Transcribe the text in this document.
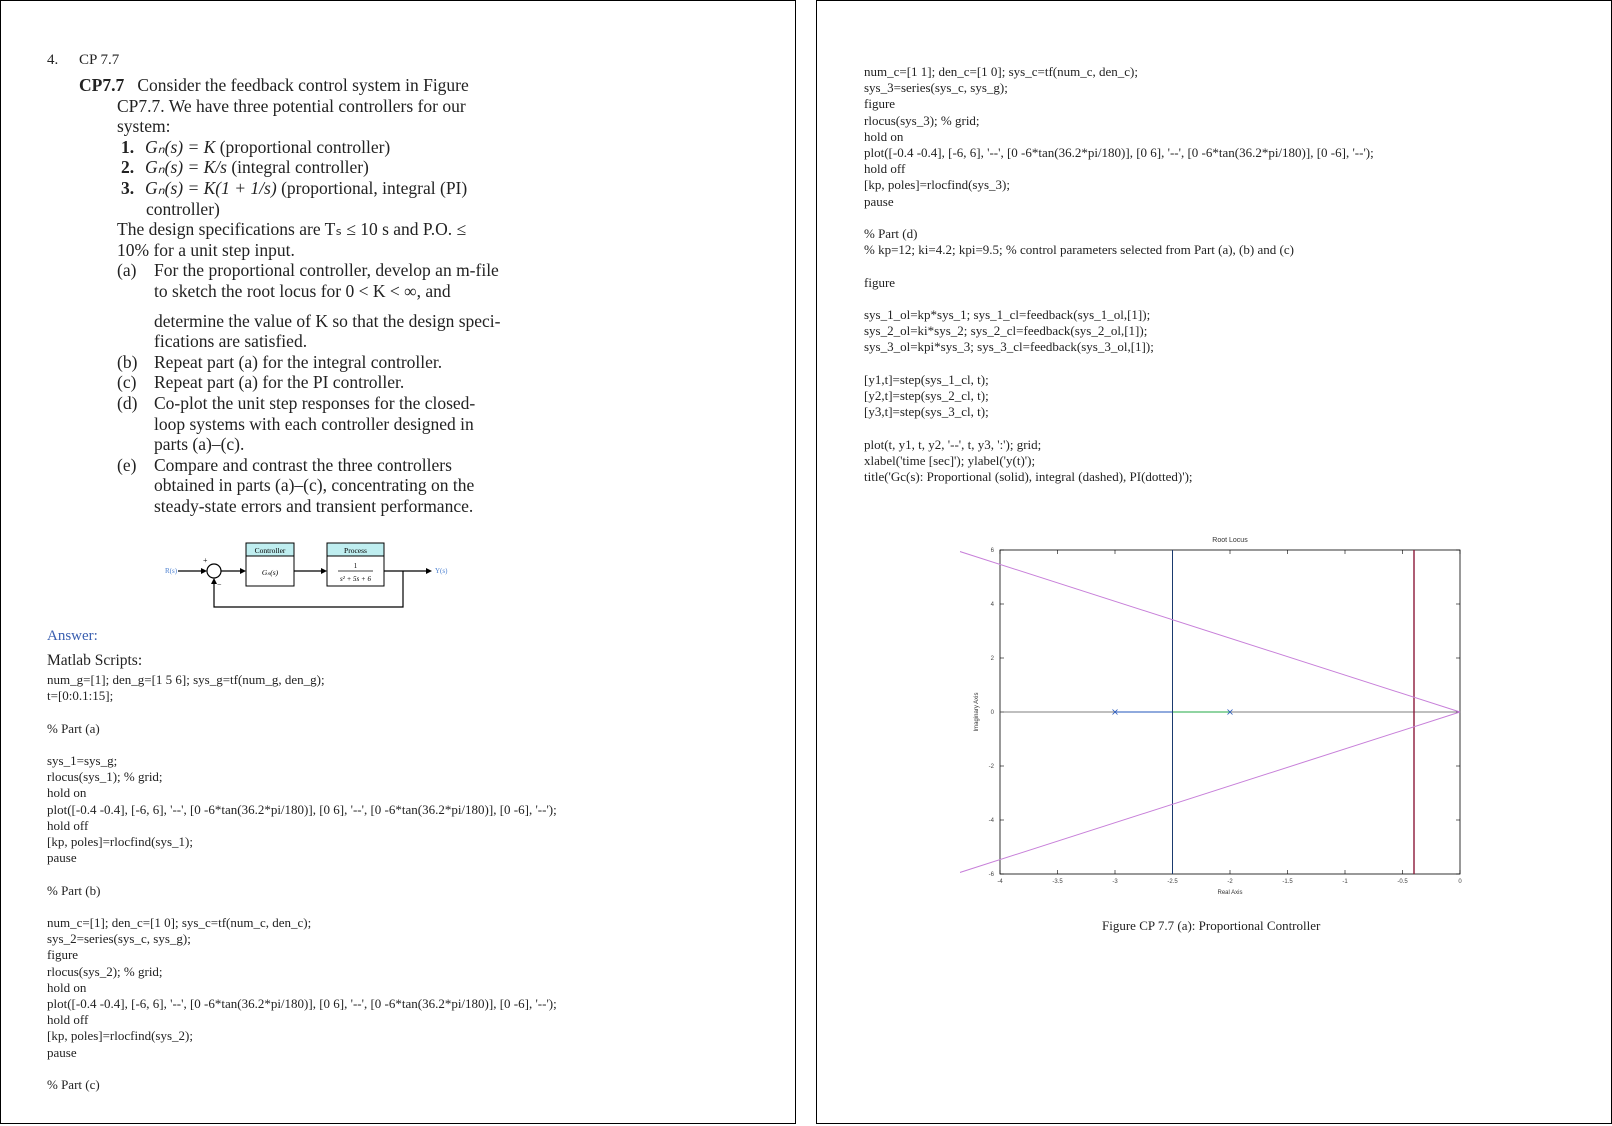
4. CP 7.7
CP7.7 Consider the feedback control system in Figure
CP7.7. We have three potential controllers for our
system:
1. Gₙ(s) = K (proportional controller)
2. Gₙ(s) = K/s (integral controller)
3. Gₙ(s) = K(1 + 1/s) (proportional, integral (PI)
controller)
The design specifications are Tₛ ≤ 10 s and P.O. ≤
10% for a unit step input.
(a) For the proportional controller, develop an m-file
to sketch the root locus for 0 < K < ∞, and
determine the value of K so that the design speci-
fications are satisfied.
(b) Repeat part (a) for the integral controller.
(c) Repeat part (a) for the PI controller.
(d) Co-plot the unit step responses for the closed-
loop systems with each controller designed in
parts (a)–(c).
(e) Compare and contrast the three controllers
obtained in parts (a)–(c), concentrating on the
steady-state errors and transient performance.
R(s)
+
−
Controller
Gₙ(s)
Process
1
s² + 5s + 6
Y(s)
Answer:
Matlab Scripts:
num_g=[1]; den_g=[1 5 6]; sys_g=tf(num_g, den_g);
t=[0:0.1:15];

% Part (a)

sys_1=sys_g;
rlocus(sys_1); % grid;
hold on
plot([-0.4 -0.4], [-6, 6], '--', [0 -6*tan(36.2*pi/180)], [0 6], '--', [0 -6*tan(36.2*pi/180)], [0 -6], '--');
hold off
[kp, poles]=rlocfind(sys_1);
pause

% Part (b)

num_c=[1]; den_c=[1 0]; sys_c=tf(num_c, den_c);
sys_2=series(sys_c, sys_g);
figure
rlocus(sys_2); % grid;
hold on
plot([-0.4 -0.4], [-6, 6], '--', [0 -6*tan(36.2*pi/180)], [0 6], '--', [0 -6*tan(36.2*pi/180)], [0 -6], '--');
hold off
[kp, poles]=rlocfind(sys_2);
pause

% Part (c)
num_c=[1 1]; den_c=[1 0]; sys_c=tf(num_c, den_c);
sys_3=series(sys_c, sys_g);
figure
rlocus(sys_3); % grid;
hold on
plot([-0.4 -0.4], [-6, 6], '--', [0 -6*tan(36.2*pi/180)], [0 6], '--', [0 -6*tan(36.2*pi/180)], [0 -6], '--');
hold off
[kp, poles]=rlocfind(sys_3);
pause

% Part (d)
% kp=12; ki=4.2; kpi=9.5; % control parameters selected from Part (a), (b) and (c)

figure

sys_1_ol=kp*sys_1; sys_1_cl=feedback(sys_1_ol,[1]);
sys_2_ol=ki*sys_2; sys_2_cl=feedback(sys_2_ol,[1]);
sys_3_ol=kpi*sys_3; sys_3_cl=feedback(sys_3_ol,[1]);

[y1,t]=step(sys_1_cl, t);
[y2,t]=step(sys_2_cl, t);
[y3,t]=step(sys_3_cl, t);

plot(t, y1, t, y2, '--', t, y3, ':'); grid;
xlabel('time [sec]'); ylabel('y(t)');
title('Gc(s): Proportional (solid), integral (dashed), PI(dotted)');
-4	-3.5	-3	-2.5	-2	-1.5	-1	-0.5	0
-6
-4
-2
0
2
4
6
Root Locus
Real Axis
Imaginary Axis
Figure CP 7.7 (a): Proportional Controller
